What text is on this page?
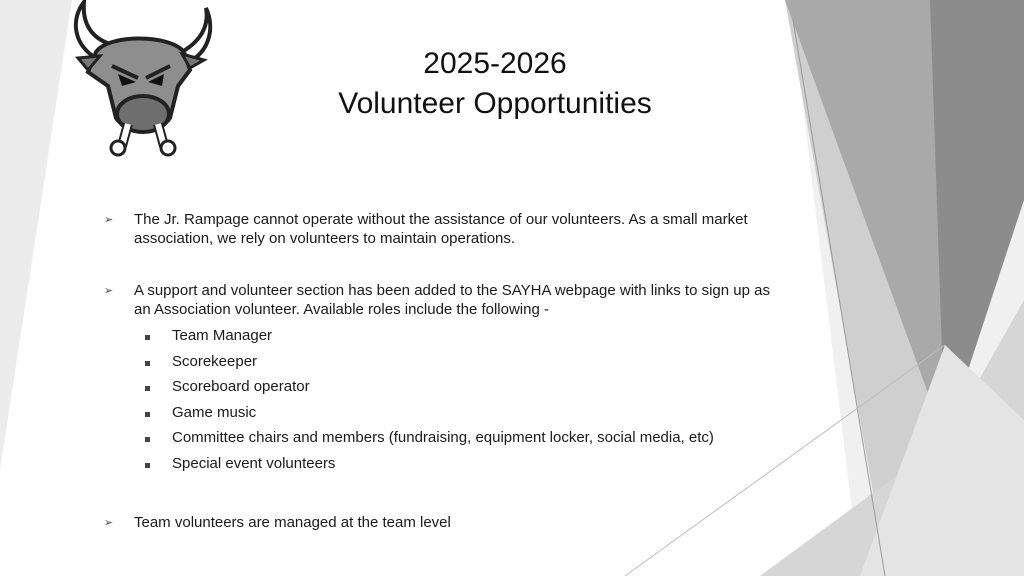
2025-2026
Volunteer Opportunities
➢ The Jr. Rampage cannot operate without the assistance of our volunteers. As a small market association, we rely on volunteers to maintain operations.
➢ A support and volunteer section has been added to the SAYHA webpage with links to sign up as an Association volunteer. Available roles include the following -
Team Manager
Scorekeeper
Scoreboard operator
Game music
Committee chairs and members (fundraising, equipment locker, social media, etc)
Special event volunteers
➢ Team volunteers are managed at the team level
